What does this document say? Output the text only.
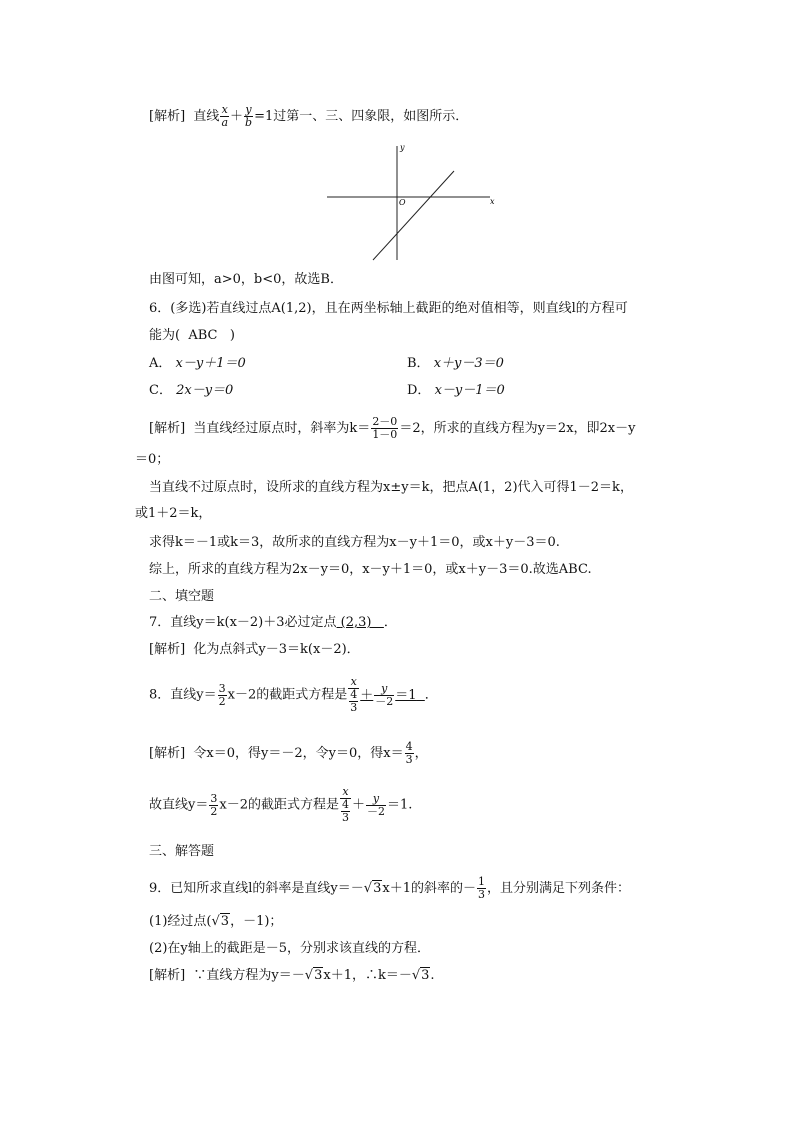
[解析] 直线 $\frac{x}{a} + \frac{y}{b} =1$过第一、三、四象限，如图所示．
y
x
O
由图可知，a>0，b<0，故选B．
6．(多选)若直线过点A(1,2)，且在两坐标轴上截距的绝对值相等，则直线l的方程可
能为( ABC )
A． x－y＋1＝0	B． x＋y－3＝0
C． 2x－y＝0	D． x－y－1＝0
[解析] 当直线经过原点时，斜率为$k= \frac{2-0}{1-0} =2$，所求的直线方程为y＝2x，即2x－y
＝0；
当直线不过原点时，设所求的直线方程为x±y＝k，把点A(1，2)代入可得1－2＝k，
或1＋2＝k，
求得k＝－1或k＝3，故所求的直线方程为x－y＋1＝0，或x＋y－3＝0.
综上，所求的直线方程为2x－y＝0，x－y＋1＝0，或x＋y－3＝0.故选ABC.
二、填空题
7．直线y＝k(x－2)＋3必过定点 (2,3) ．
[解析] 化为点斜式y－3＝k(x－2)．
8．直线$y= \frac{3}{2} x-2$的截距式方程是 x
4
$3 + \frac{y}{-2} =1$ ．
[解析] 令x＝0，得y＝－2，令y＝0，得$x= \frac{4}{3}$ ，
故直线$y= \frac{3}{2} x-2$的截距式方程是 x
4
$3 + \frac{y}{-2} =1$.
三、解答题
9．已知所求直线l的斜率是直线y＝－√3x＋1的斜率的－ $\frac{1}{3}$ ，且分别满足下列条件：
(1)经过点(√3，－1)；
(2)在y轴上的截距是－5，分别求该直线的方程．
[解析] ∵直线方程为y＝－√3x＋1，∴k＝－√3.
